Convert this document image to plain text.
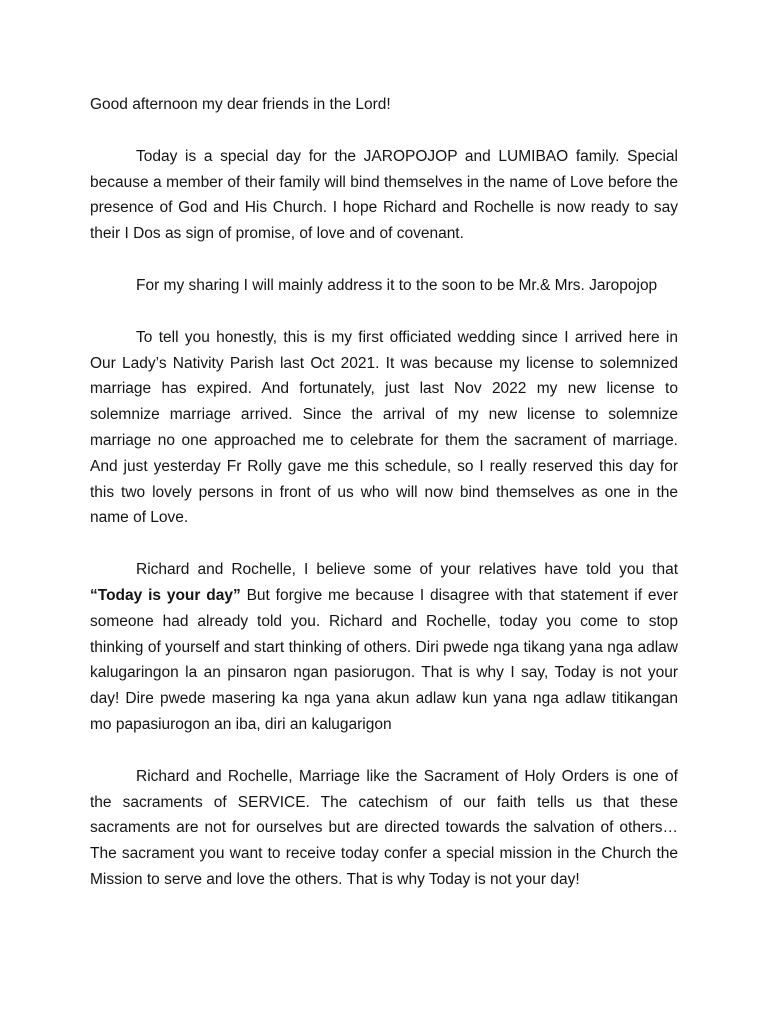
Good afternoon my dear friends in the Lord!

Today is a special day for the JAROPOJOP and LUMIBAO family. Special because a member of their family will bind themselves in the name of Love before the presence of God and His Church. I hope Richard and Rochelle is now ready to say their I Dos as sign of promise, of love and of covenant.

For my sharing I will mainly address it to the soon to be Mr.& Mrs. Jaropojop

To tell you honestly, this is my first officiated wedding since I arrived here in Our Lady’s Nativity Parish last Oct 2021. It was because my license to solemnized marriage has expired. And fortunately, just last Nov 2022 my new license to solemnize marriage arrived. Since the arrival of my new license to solemnize marriage no one approached me to celebrate for them the sacrament of marriage. And just yesterday Fr Rolly gave me this schedule, so I really reserved this day for this two lovely persons in front of us who will now bind themselves as one in the name of Love.

Richard and Rochelle, I believe some of your relatives have told you that “Today is your day” But forgive me because I disagree with that statement if ever someone had already told you. Richard and Rochelle, today you come to stop thinking of yourself and start thinking of others. Diri pwede nga tikang yana nga adlaw kalugaringon la an pinsaron ngan pasiorugon. That is why I say, Today is not your day! Dire pwede masering ka nga yana akun adlaw kun yana nga adlaw titikangan mo papasiurogon an iba, diri an kalugarigon

Richard and Rochelle, Marriage like the Sacrament of Holy Orders is one of the sacraments of SERVICE. The catechism of our faith tells us that these sacraments are not for ourselves but are directed towards the salvation of others…The sacrament you want to receive today confer a special mission in the Church the Mission to serve and love the others. That is why Today is not your day!
